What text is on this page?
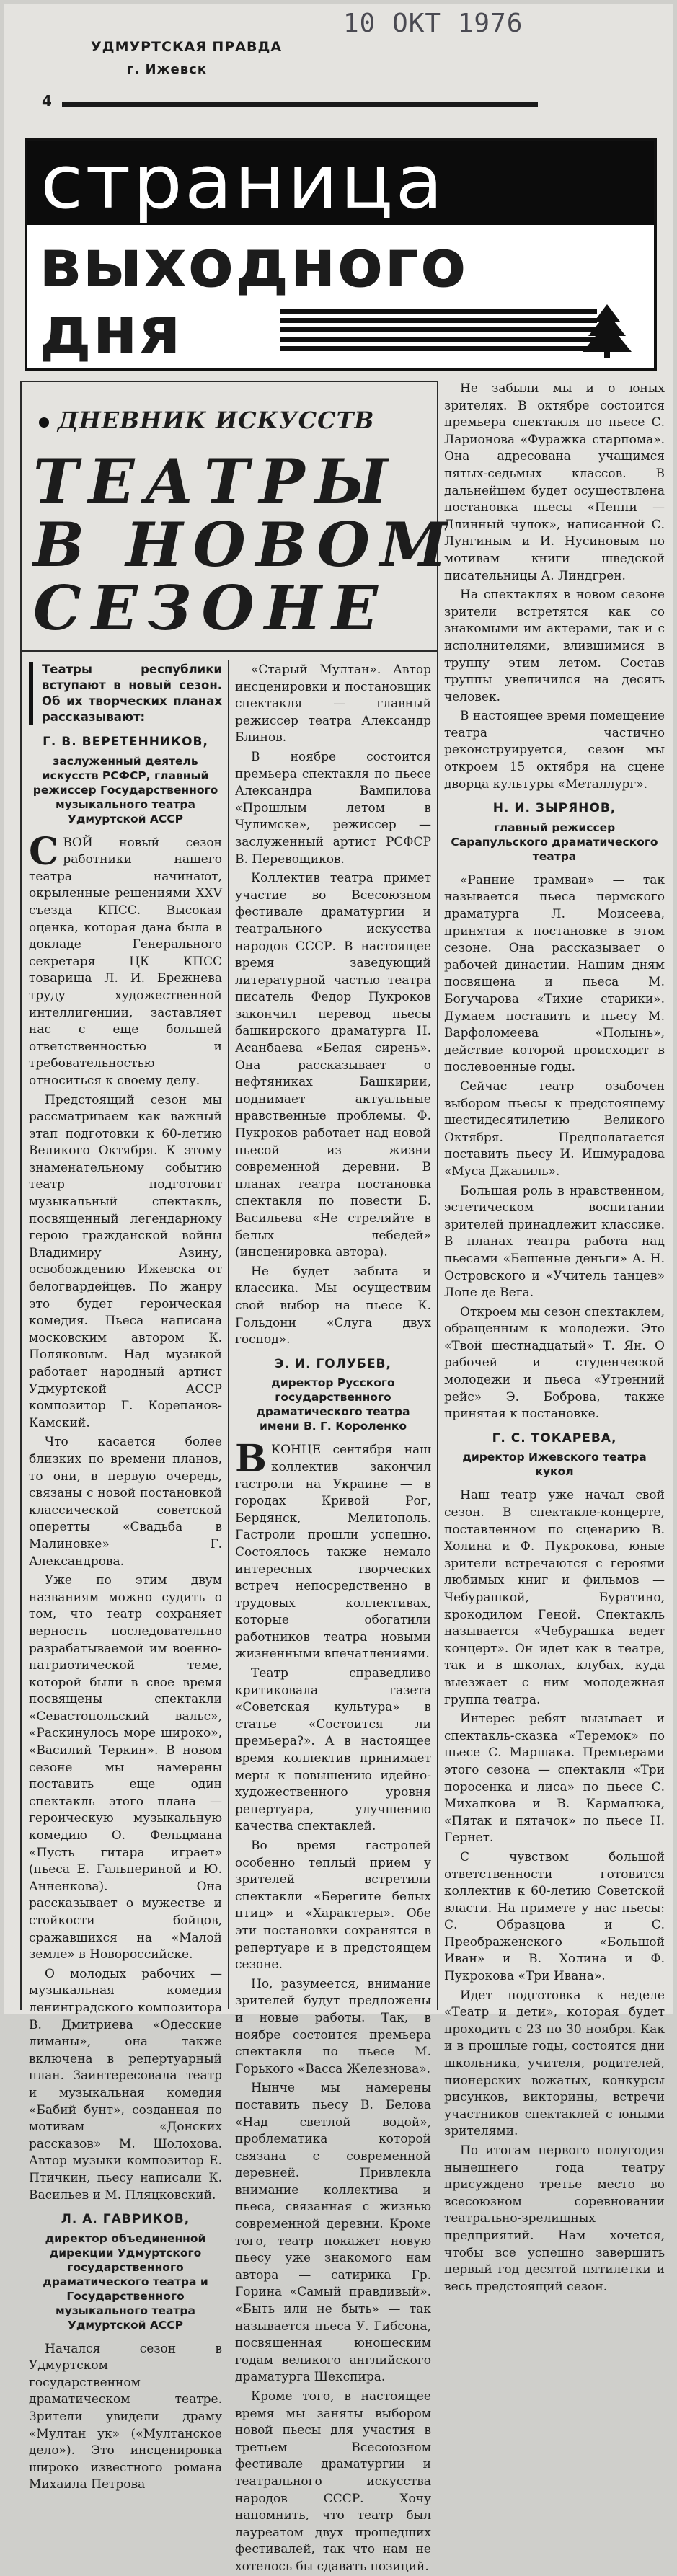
УДМУРТСКАЯ ПРАВДА
г. Ижевск
10 ОКТ 1976
4
страница
выходного
дня
ДНЕВНИК ИСКУССТВ
ТЕАТРЫ
В НОВОМ
СЕЗОНЕ

Театры республики вступают в новый сезон. Об их творческих планах рассказывают:

Г. В. ВЕРЕТЕННИКОВ,
заслуженный деятель искусств РСФСР, главный режиссер Государственного музыкального театра Удмуртской АССР

СВОЙ новый сезон работники нашего театра начинают, окрыленные решениями XXV съезда КПСС. Высокая оценка, которая дана была в докладе Генерального секретаря ЦК КПСС товарища Л. И. Брежнева труду художественной интеллигенции, заставляет нас с еще большей ответственностью и требовательностью относиться к своему делу.

Предстоящий сезон мы рассматриваем как важный этап подготовки к 60-летию Великого Октября. К этому знаменательному событию театр подготовит музыкальный спектакль, посвященный легендарному герою гражданской войны Владимиру Азину, освобождению Ижевска от белогвардейцев. По жанру это будет героическая комедия. Пьеса написана московским автором К. Поляковым. Над музыкой работает народный артист Удмуртской АССР композитор Г. Корепанов-Камский.

Что касается более близких по времени планов, то они, в первую очередь, связаны с новой постановкой классической советской оперетты «Свадьба в Малиновке» Г. Александрова.

Уже по этим двум названиям можно судить о том, что театр сохраняет верность последовательно разрабатываемой им военно-патриотической теме, которой были в свое время посвящены спектакли «Севастопольский вальс», «Раскинулось море широко», «Василий Теркин». В новом сезоне мы намерены поставить еще один спектакль этого плана — героическую музыкальную комедию О. Фельцмана «Пусть гитара играет» (пьеса Е. Гальпериной и Ю. Анненкова). Она рассказывает о мужестве и стойкости бойцов, сражавшихся на «Малой земле» в Новороссийске.

О молодых рабочих — музыкальная комедия ленинградского композитора В. Дмитриева «Одесские лиманы», она также включена в репертуарный план. Заинтересовала театр и музыкальная комедия «Бабий бунт», созданная по мотивам «Донских рассказов» М. Шолохова. Автор музыки композитор Е. Птичкин, пьесу написали К. Васильев и М. Пляцковский.

Л. А. ГАВРИКОВ,
директор объединенной дирекции Удмуртского государственного драматического театра и Государственного музыкального театра Удмуртской АССР

Начался сезон в Удмуртском государственном драматическом театре. Зрители увидели драму «Мултан ук» («Мултанское дело»). Это инсценировка широко известного романа Михаила Петрова

«Старый Мултан». Автор инсценировки и постановщик спектакля — главный режиссер театра Александр Блинов.

В ноябре состоится премьера спектакля по пьесе Александра Вампилова «Прошлым летом в Чулимске», режиссер — заслуженный артист РСФСР В. Перевощиков.

Коллектив театра примет участие во Всесоюзном фестивале драматургии и театрального искусства народов СССР. В настоящее время заведующий литературной частью театра писатель Федор Пукроков закончил перевод пьесы башкирского драматурга Н. Асанбаева «Белая сирень». Она рассказывает о нефтяниках Башкирии, поднимает актуальные нравственные проблемы. Ф. Пукроков работает над новой пьесой из жизни современной деревни. В планах театра постановка спектакля по повести Б. Васильева «Не стреляйте в белых лебедей» (инсценировка автора).

Не будет забыта и классика. Мы осуществим свой выбор на пьесе К. Гольдони «Слуга двух господ».

Э. И. ГОЛУБЕВ,
директор Русского государственного драматического театра имени В. Г. Короленко

ВКОНЦЕ сентября наш коллектив закончил гастроли на Украине — в городах Кривой Рог, Бердянск, Мелитополь. Гастроли прошли успешно. Состоялось также немало интересных творческих встреч непосредственно в трудовых коллективах, которые обогатили работников театра новыми жизненными впечатлениями.

Театр справедливо критиковала газета «Советская культура» в статье «Состоится ли премьера?». А в настоящее время коллектив принимает меры к повышению идейно-художественного уровня репертуара, улучшению качества спектаклей.

Во время гастролей особенно теплый прием у зрителей встретили спектакли «Берегите белых птиц» и «Характеры». Обе эти постановки сохранятся в репертуаре и в предстоящем сезоне.

Но, разумеется, внимание зрителей будут предложены и новые работы. Так, в ноябре состоится премьера спектакля по пьесе М. Горького «Васса Железнова».

Нынче мы намерены поставить пьесу В. Белова «Над светлой водой», проблематика которой связана с современной деревней. Привлекла внимание коллектива и пьеса, связанная с жизнью современной деревни. Кроме того, театр покажет новую пьесу уже знакомого нам автора — сатирика Гр. Горина «Самый правдивый». «Быть или не быть» — так называется пьеса У. Гибсона, посвященная юношеским годам великого английского драматурга Шекспира.

Кроме того, в настоящее время мы заняты выбором новой пьесы для участия в третьем Всесоюзном фестивале драматургии и театрального искусства народов СССР. Хочу напомнить, что театр был лауреатом двух прошедших фестивалей, так что нам не хотелось бы сдавать позиций.

Не забыли мы и о юных зрителях. В октябре состоится премьера спектакля по пьесе С. Ларионова «Фуражка старпома». Она адресована учащимся пятых-седьмых классов. В дальнейшем будет осуществлена постановка пьесы «Пеппи — Длинный чулок», написанной С. Лунгиным и И. Нусиновым по мотивам книги шведской писательницы А. Линдгрен.

На спектаклях в новом сезоне зрители встретятся как со знакомыми им актерами, так и с исполнителями, влившимися в труппу этим летом. Состав труппы увеличился на десять человек.

В настоящее время помещение театра частично реконструируется, сезон мы откроем 15 октября на сцене дворца культуры «Металлург».

Н. И. ЗЫРЯНОВ,
главный режиссер Сарапульского драматического театра

«Ранние трамваи» — так называется пьеса пермского драматурга Л. Моисеева, принятая к постановке в этом сезоне. Она рассказывает о рабочей династии. Нашим дням посвящена и пьеса М. Богучарова «Тихие старики». Думаем поставить и пьесу М. Варфоломеева «Полынь», действие которой происходит в послевоенные годы.

Сейчас театр озабочен выбором пьесы к предстоящему шестидесятилетию Великого Октября. Предполагается поставить пьесу И. Ишмурадова «Муса Джалиль».

Большая роль в нравственном, эстетическом воспитании зрителей принадлежит классике. В планах театра работа над пьесами «Бешеные деньги» А. Н. Островского и «Учитель танцев» Лопе де Вега.

Откроем мы сезон спектаклем, обращенным к молодежи. Это «Твой шестнадцатый» Т. Ян. О рабочей и студенческой молодежи и пьеса «Утренний рейс» Э. Боброва, также принятая к постановке.

Г. С. ТОКАРЕВА,
директор Ижевского театра кукол

Наш театр уже начал свой сезон. В спектакле-концерте, поставленном по сценарию В. Холина и Ф. Пукрокова, юные зрители встречаются с героями любимых книг и фильмов — Чебурашкой, Буратино, крокодилом Геной. Спектакль называется «Чебурашка ведет концерт». Он идет как в театре, так и в школах, клубах, куда выезжает с ним молодежная группа театра.

Интерес ребят вызывает и спектакль-сказка «Теремок» по пьесе С. Маршака. Премьерами этого сезона — спектакли «Три поросенка и лиса» по пьесе С. Михалкова и В. Кармалюка, «Пятак и пятачок» по пьесе Н. Гернет.

С чувством большой ответственности готовится коллектив к 60-летию Советской власти. На примете у нас пьесы: С. Образцова и С. Преображенского «Большой Иван» и В. Холина и Ф. Пукрокова «Три Ивана».

Идет подготовка к неделе «Театр и дети», которая будет проходить с 23 по 30 ноября. Как и в прошлые годы, состоятся дни школьника, учителя, родителей, пионерских вожатых, конкурсы рисунков, викторины, встречи участников спектаклей с юными зрителями.

По итогам первого полугодия нынешнего года театру присуждено третье место во всесоюзном соревновании театрально-зрелищных предприятий. Нам хочется, чтобы все успешно завершить первый год десятой пятилетки и весь предстоящий сезон.
